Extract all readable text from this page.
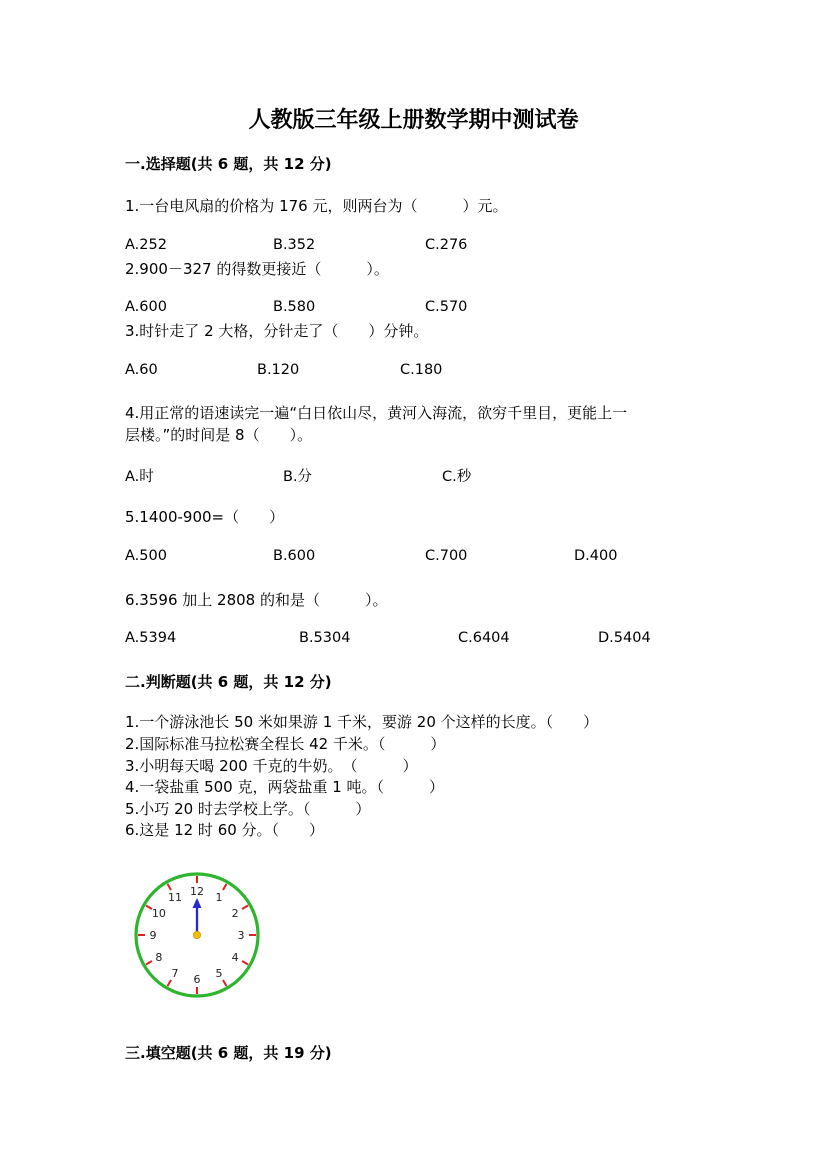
人教版三年级上册数学期中测试卷
一.选择题(共 6 题，共 12 分)
1.一台电风扇的价格为 176 元，则两台为（　　　）元。
A.252	B.352	C.276
2.900－327 的得数更接近（　　　）。
A.600	B.580	C.570
3.时针走了 2 大格，分针走了（　　）分钟。
A.60	B.120	C.180
4.用正常的语速读完一遍“白日依山尽，黄河入海流，欲穷千里目，更能上一
层楼。”的时间是 8（　　）。
A.时	B.分	C.秒
5.1400-900=（　　）
A.500	B.600	C.700	D.400
6.3596 加上 2808 的和是（　　　）。
A.5394	B.5304	C.6404	D.5404
二.判断题(共 6 题，共 12 分)
1.一个游泳池长 50 米如果游 1 千米，要游 20 个这样的长度。（　　）
2.国际标准马拉松赛全程长 42 千米。（　　　）
3.小明每天喝 200 千克的牛奶。　（　　　）
4.一袋盐重 500 克，两袋盐重 1 吨。（　　　）
5.小巧 20 时去学校上学。（　　　）
6.这是 12 时 60 分。（　　）
12 1
2
3
4
5
6
7
8
9
10
11
三.填空题(共 6 题，共 19 分)
